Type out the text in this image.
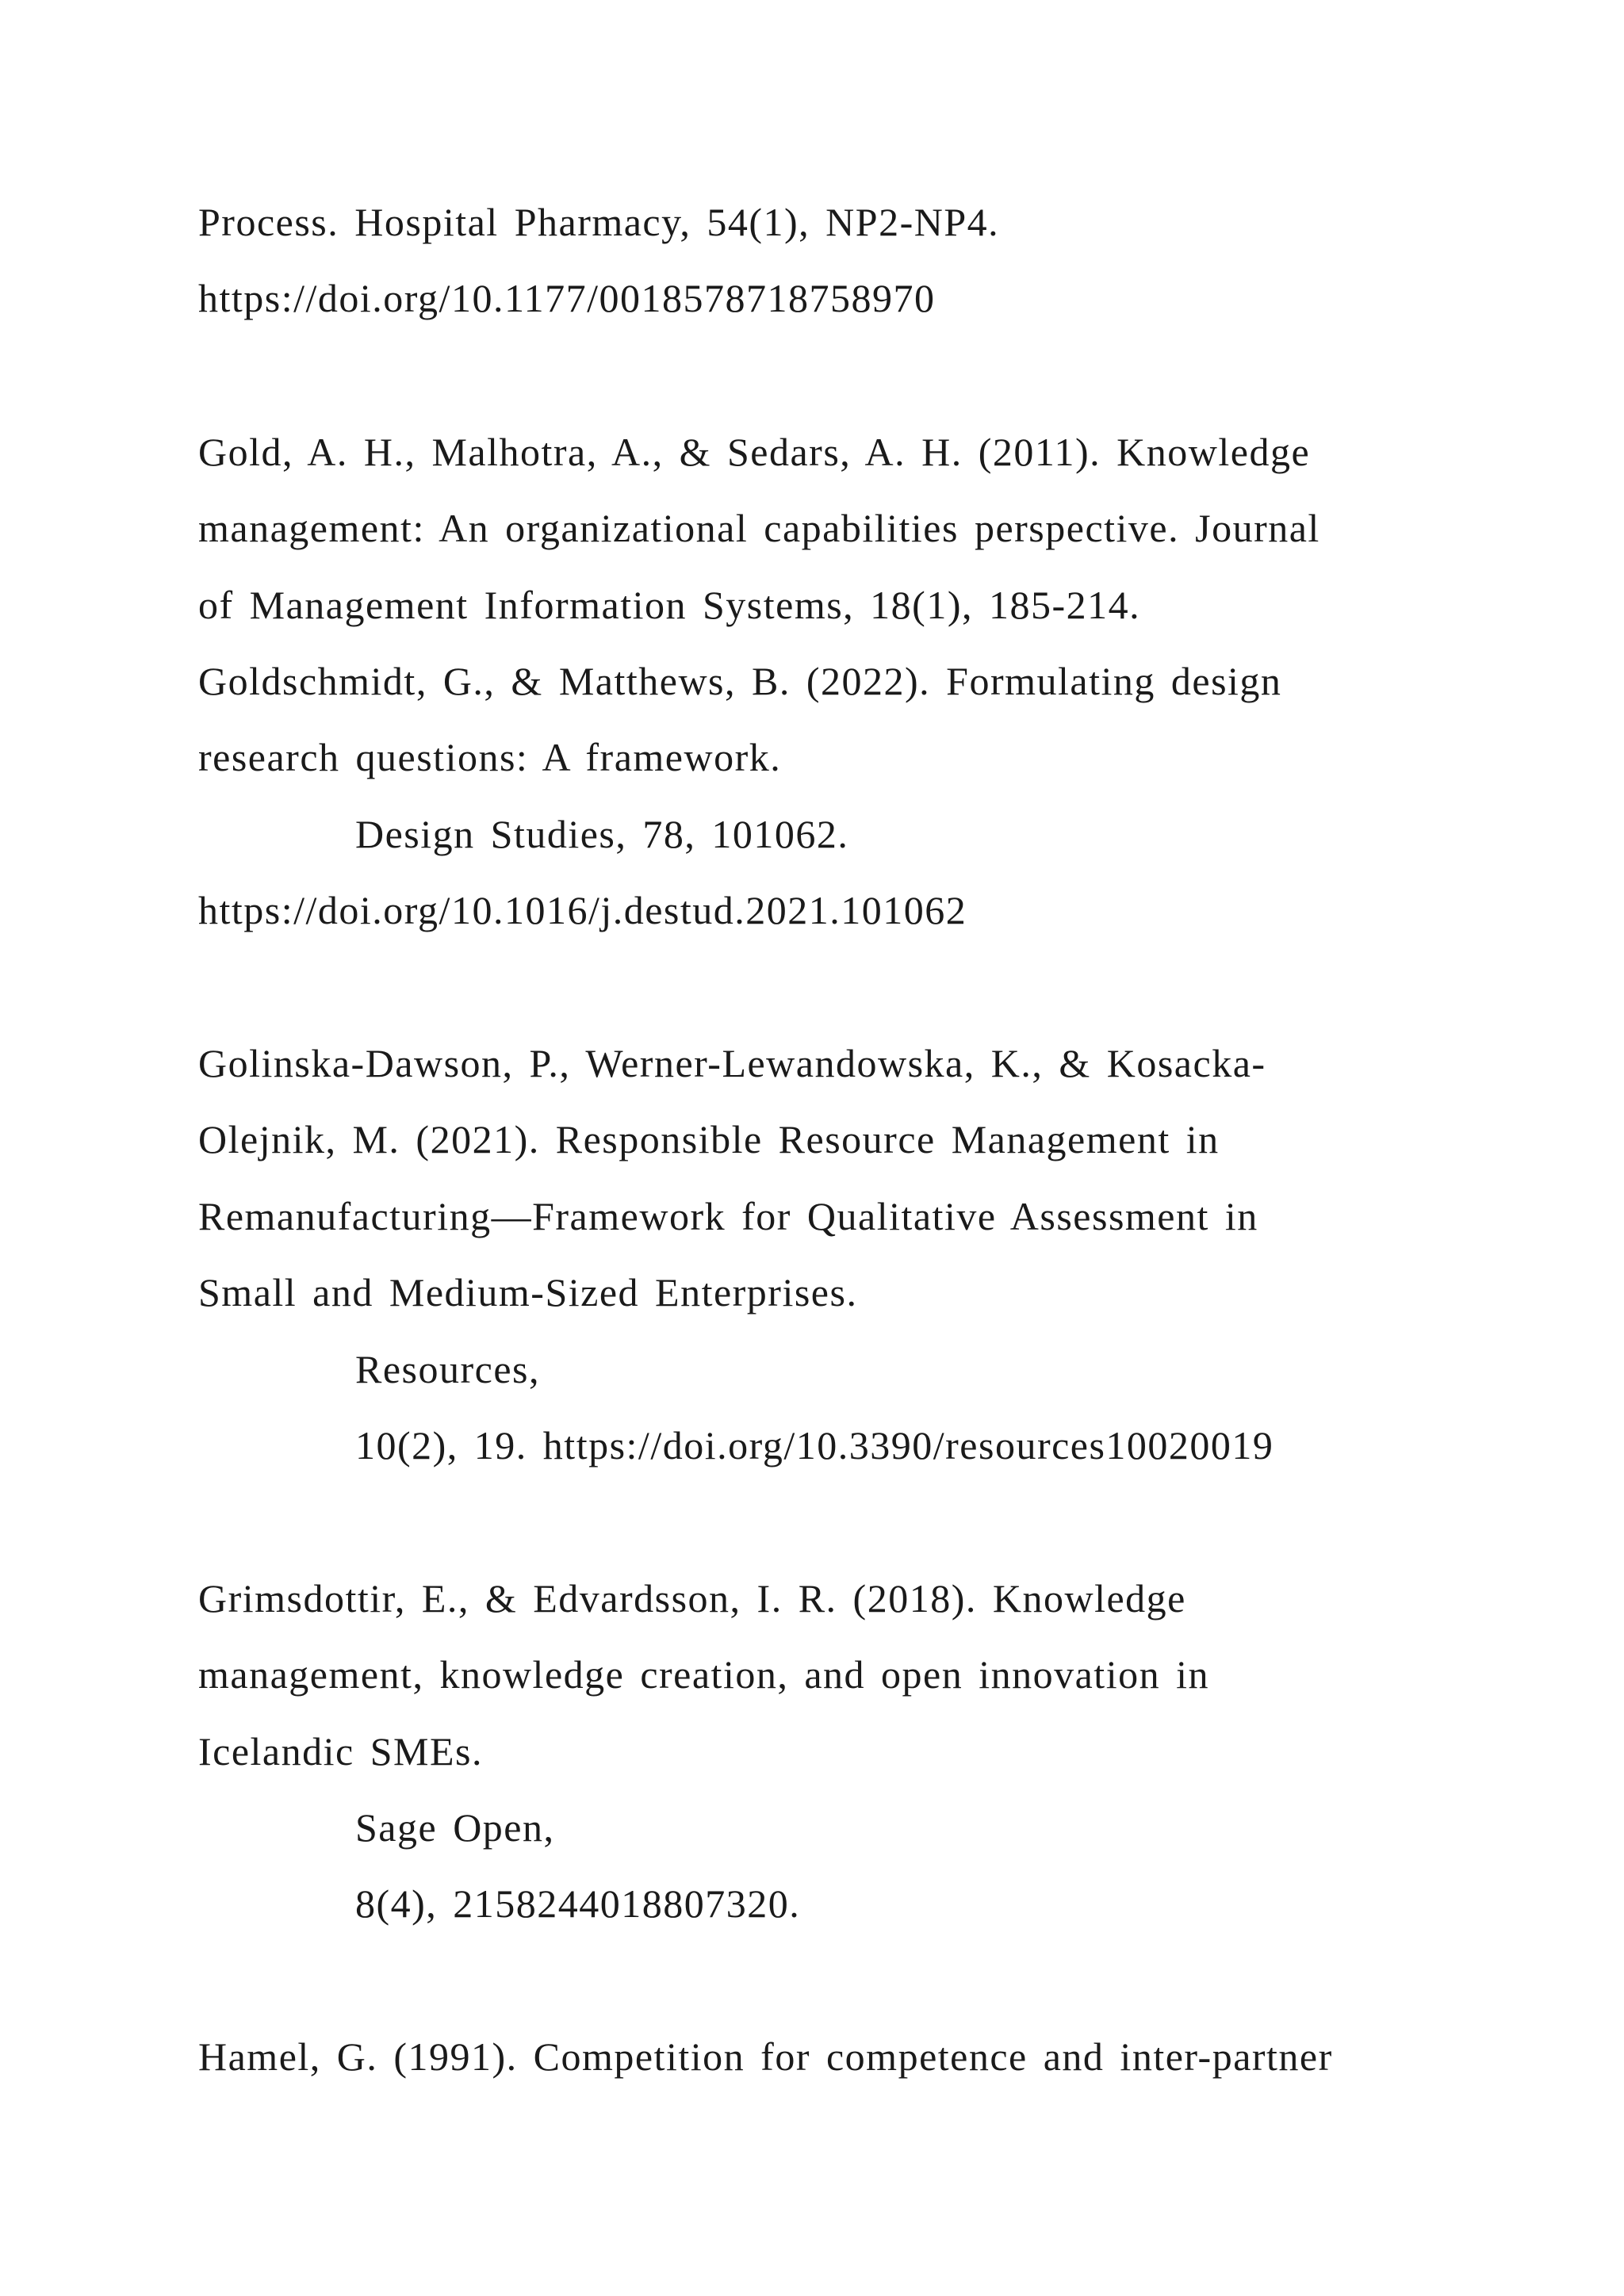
Process. Hospital Pharmacy, 54(1), NP2-NP4.
https://doi.org/10.1177/0018578718758970
Gold, A. H., Malhotra, A., & Sedars, A. H. (2011). Knowledge
management: An organizational capabilities perspective. Journal
of Management Information Systems, 18(1), 185-214.
Goldschmidt, G., & Matthews, B. (2022). Formulating design
research questions: A framework.
Design Studies, 78, 101062.
https://doi.org/10.1016/j.destud.2021.101062
Golinska-Dawson, P., Werner-Lewandowska, K., & Kosacka-
Olejnik, M. (2021). Responsible Resource Management in
Remanufacturing—Framework for Qualitative Assessment in
Small and Medium-Sized Enterprises.
Resources,
10(2), 19. https://doi.org/10.3390/resources10020019
Grimsdottir, E., & Edvardsson, I. R. (2018). Knowledge
management, knowledge creation, and open innovation in
Icelandic SMEs.
Sage Open,
8(4), 2158244018807320.
Hamel, G. (1991). Competition for competence and inter-partner
